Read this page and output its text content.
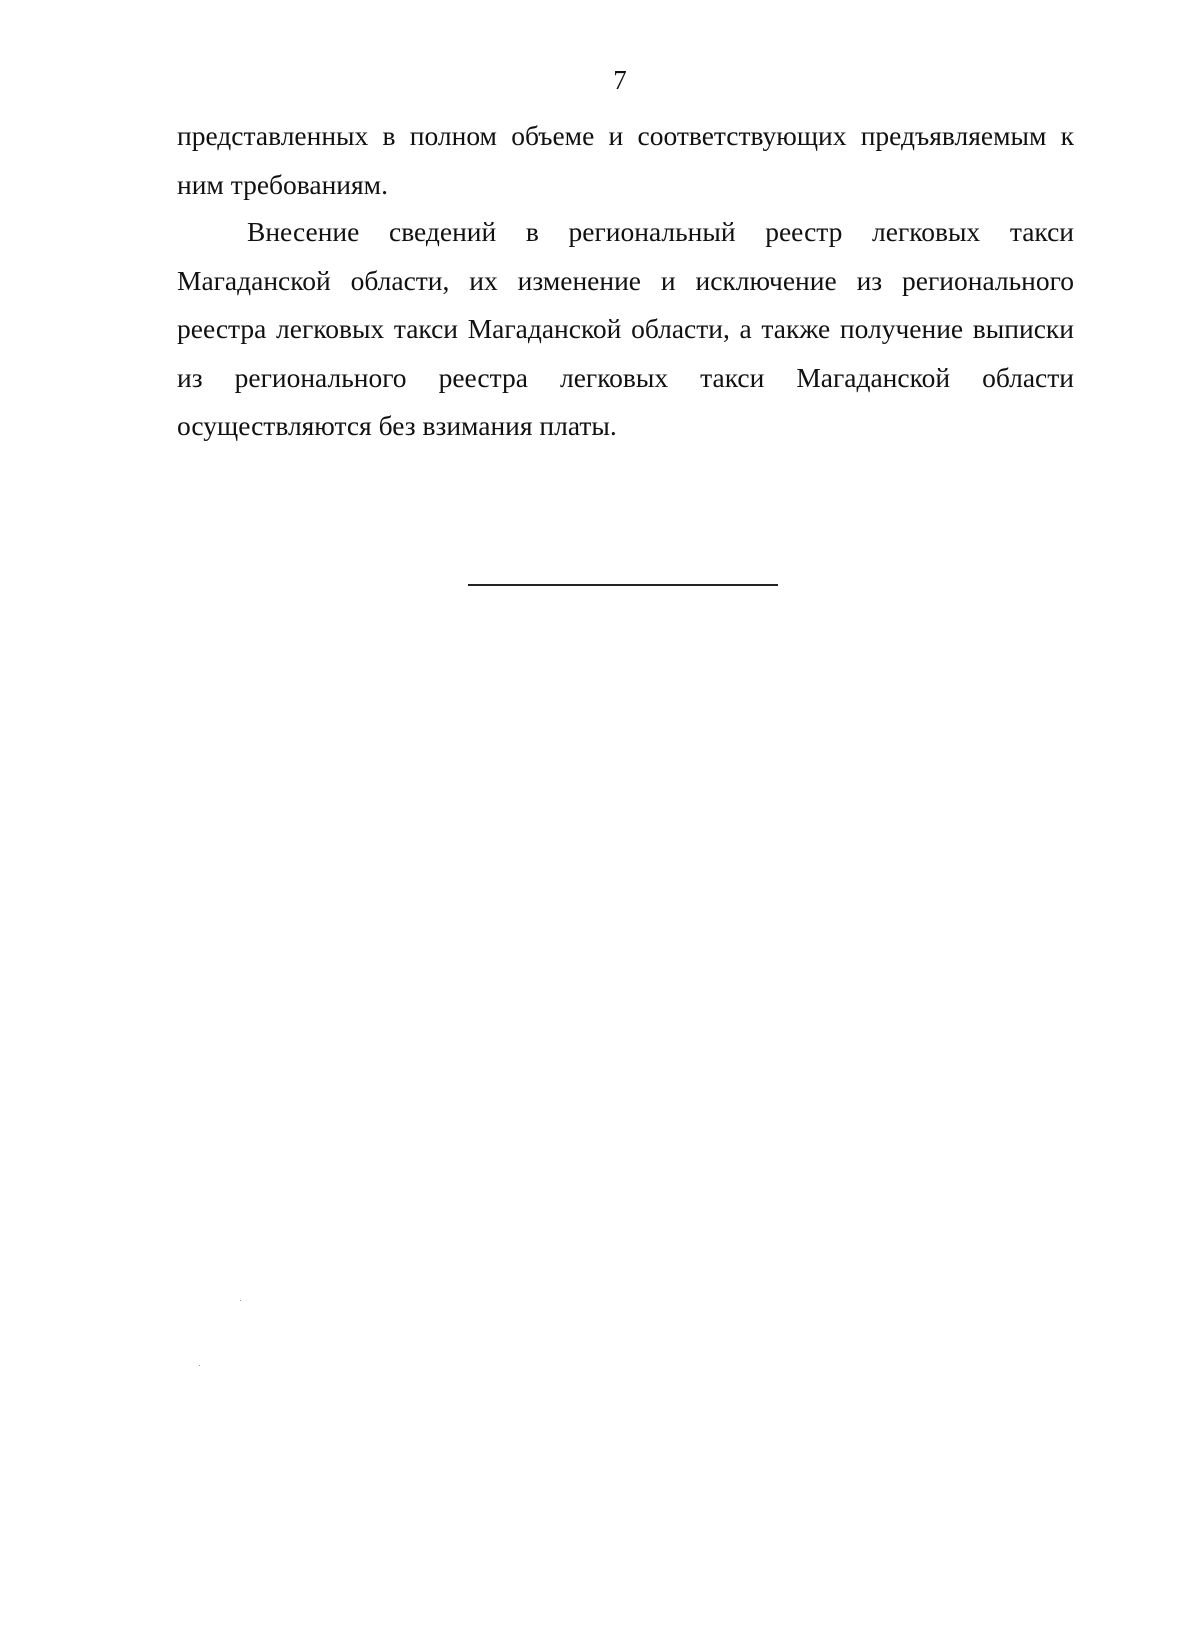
7

представленных в полном объеме и соответствующих предъявляемым к ним требованиям.

Внесение сведений в региональный реестр легковых такси Магаданской области, их изменение и исключение из регионального реестра легковых такси Магаданской области, а также получение выписки из регионального реестра легковых такси Магаданской области осуществляются без взимания платы.
